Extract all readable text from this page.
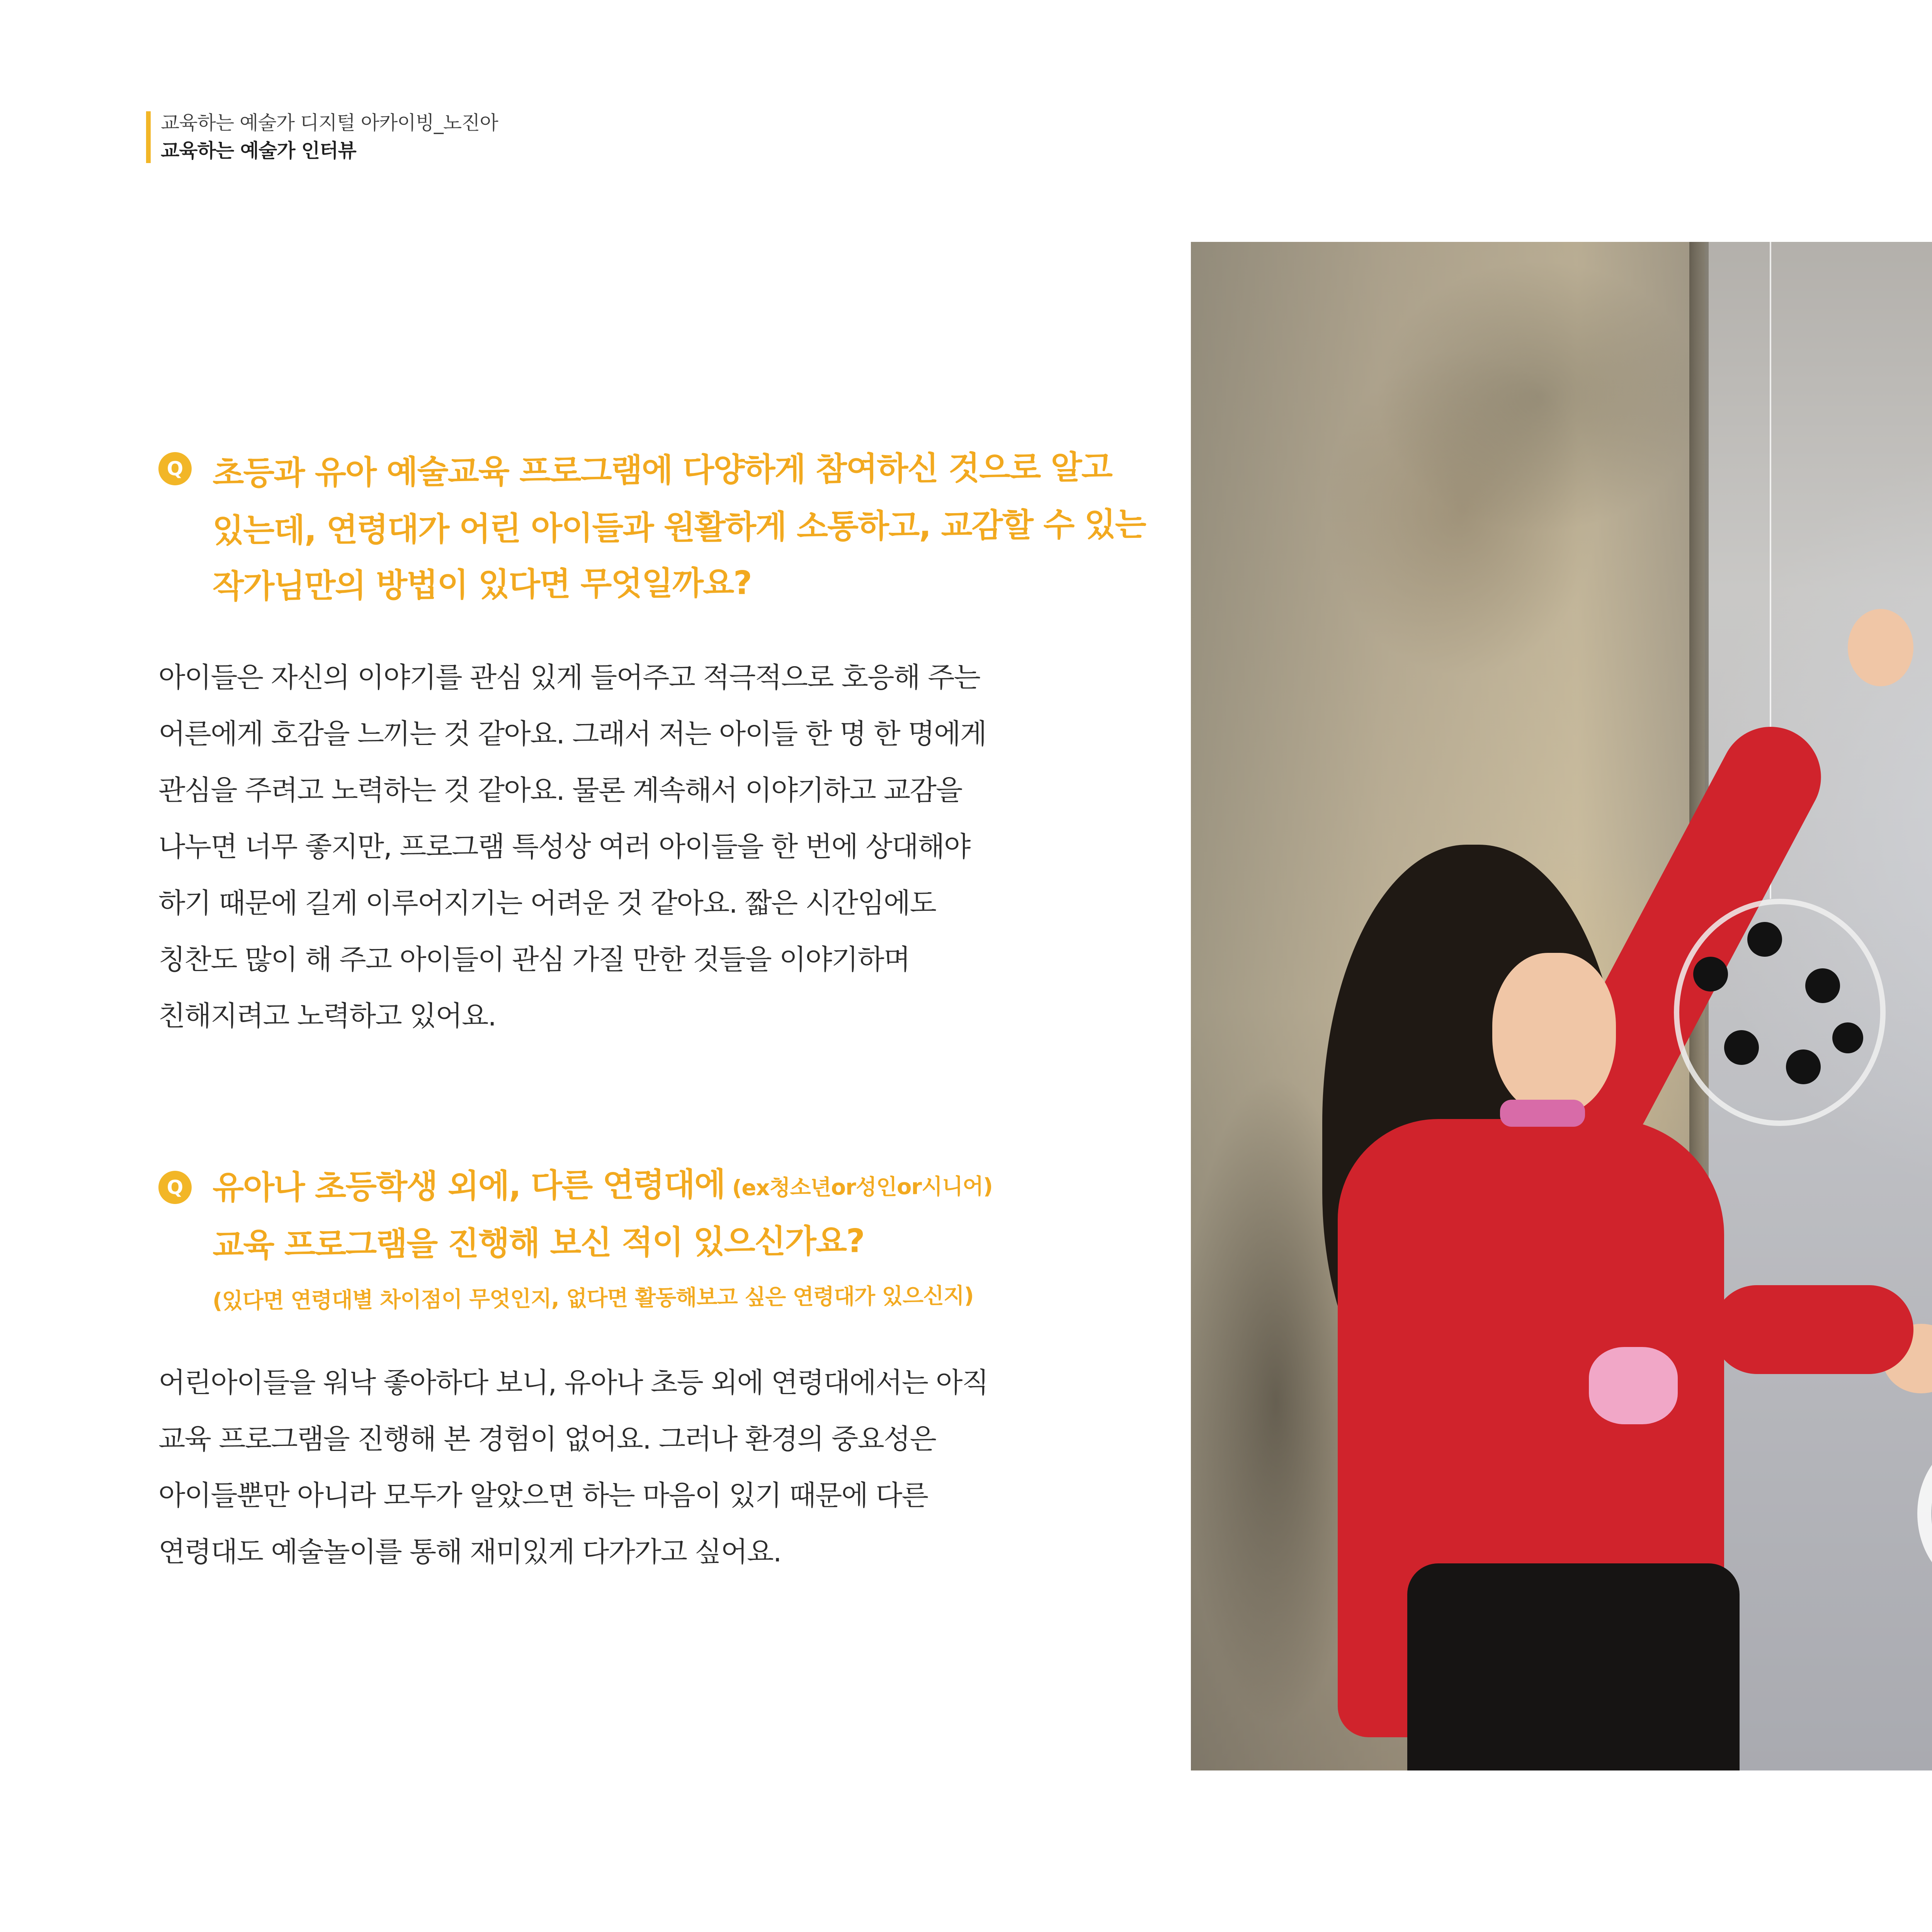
교육하는 예술가 디지털 아카이빙_노진아
교육하는 예술가 인터뷰
Q 초등과 유아 예술교육 프로그램에 다양하게 참여하신 것으로 알고
있는데, 연령대가 어린 아이들과 원활하게 소통하고, 교감할 수 있는
작가님만의 방법이 있다면 무엇일까요?

아이들은 자신의 이야기를 관심 있게 들어주고 적극적으로 호응해 주는

어른에게 호감을 느끼는 것 같아요. 그래서 저는 아이들 한 명 한 명에게

관심을 주려고 노력하는 것 같아요. 물론 계속해서 이야기하고 교감을

나누면 너무 좋지만, 프로그램 특성상 여러 아이들을 한 번에 상대해야

하기 때문에 길게 이루어지기는 어려운 것 같아요. 짧은 시간임에도

칭찬도 많이 해 주고 아이들이 관심 가질 만한 것들을 이야기하며

친해지려고 노력하고 있어요.

Q 유아나 초등학생 외에, 다른 연령대에 (ex청소년or성인or시니어)
교육 프로그램을 진행해 보신 적이 있으신가요?
(있다면 연령대별 차이점이 무엇인지, 없다면 활동해보고 싶은 연령대가 있으신지)

어린아이들을 워낙 좋아하다 보니, 유아나 초등 외에 연령대에서는 아직

교육 프로그램을 진행해 본 경험이 없어요. 그러나 환경의 중요성은

아이들뿐만 아니라 모두가 알았으면 하는 마음이 있기 때문에 다른

연령대도 예술놀이를 통해 재미있게 다가가고 싶어요.
